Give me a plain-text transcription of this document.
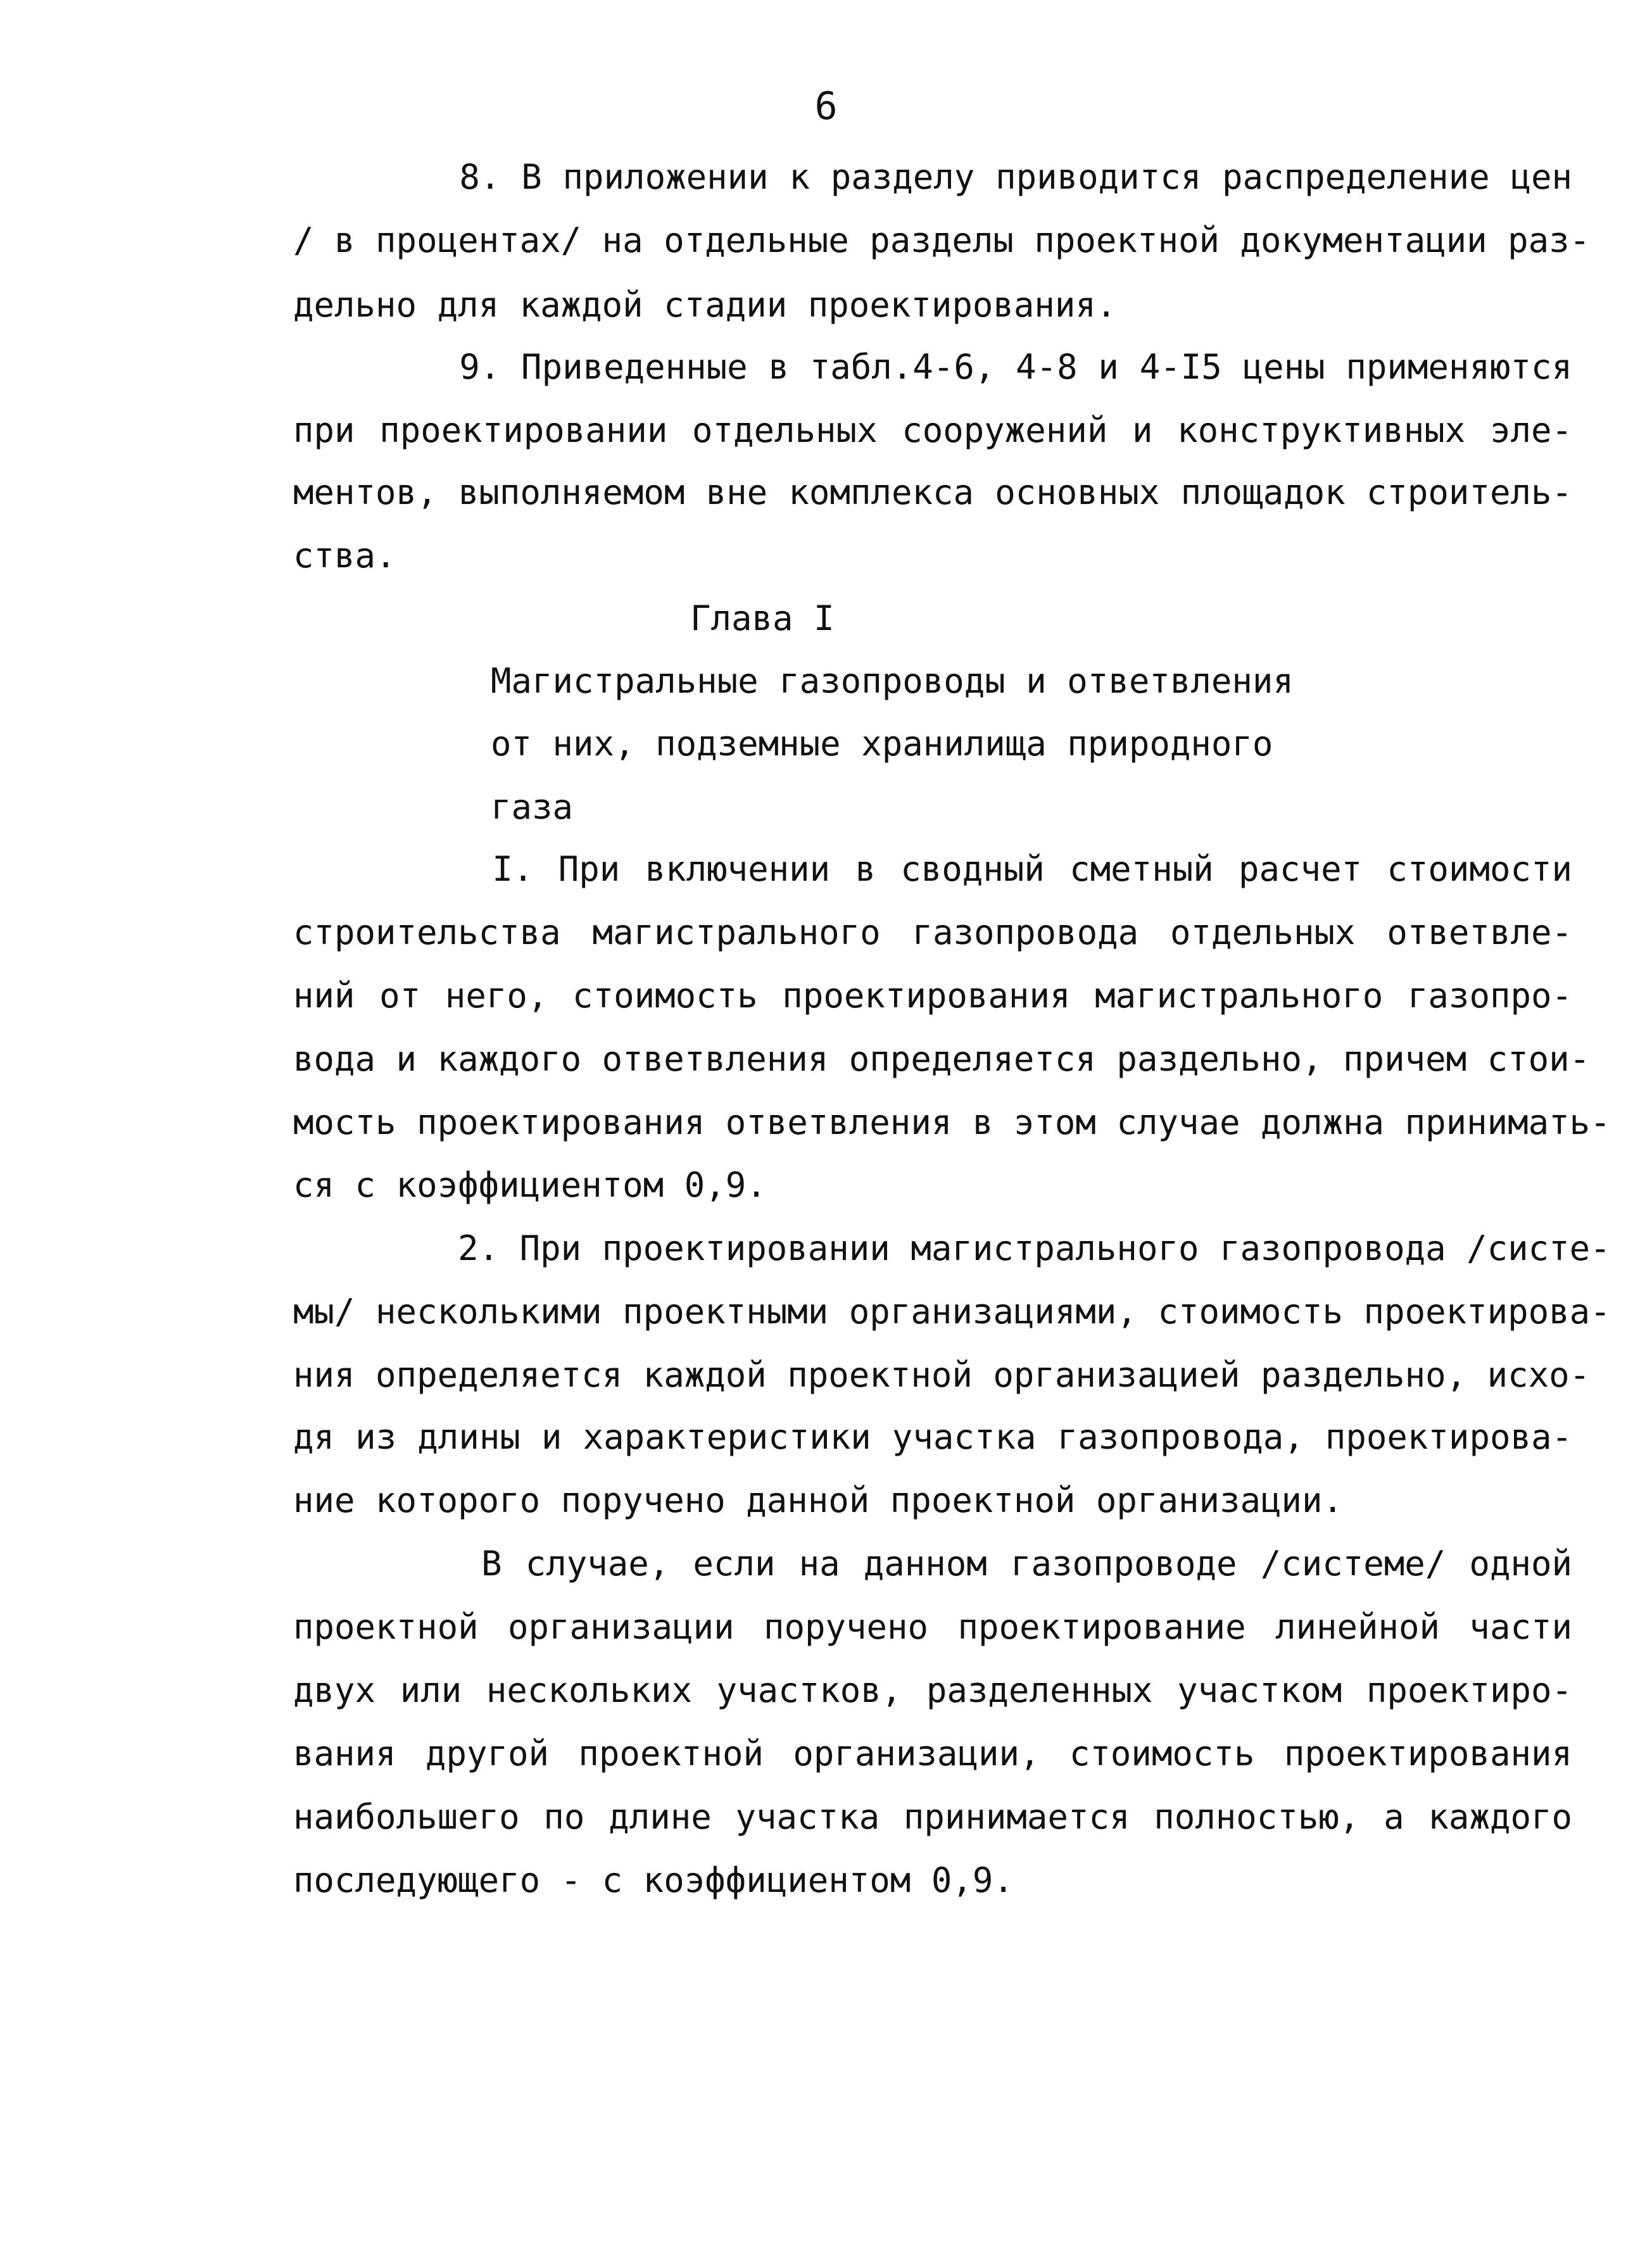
6
8. В приложении к разделу приводится распределение цен
/ в процентах/ на отдельные разделы проектной документации раз-
дельно для каждой стадии проектирования.
9. Приведенные в табл.4-6, 4-8 и 4-I5 цены применяются
при проектировании отдельных сооружений и конструктивных эле-
ментов, выполняемом вне комплекса основных площадок строитель-
ства.
Глава I
Магистральные газопроводы и ответвления
от них, подземные хранилища природного
газа
I. При включении в сводный сметный расчет стоимости
строительства магистрального газопровода отдельных ответвле-
ний от него, стоимость проектирования магистрального газопро-
вода и каждого ответвления определяется раздельно, причем стои-
мость проектирования ответвления в этом случае должна принимать-
ся с коэффициентом 0,9.
2. При проектировании магистрального газопровода /систе-
мы/ несколькими проектными организациями, стоимость проектирова-
ния определяется каждой проектной организацией раздельно, исхо-
дя из длины и характеристики участка газопровода, проектирова-
ние которого поручено данной проектной организации.
В случае, если на данном газопроводе /системе/ одной
проектной организации поручено проектирование линейной части
двух или нескольких участков, разделенных участком проектиро-
вания другой проектной организации, стоимость проектирования
наибольшего по длине участка принимается полностью, а каждого
последующего - с коэффициентом 0,9.
